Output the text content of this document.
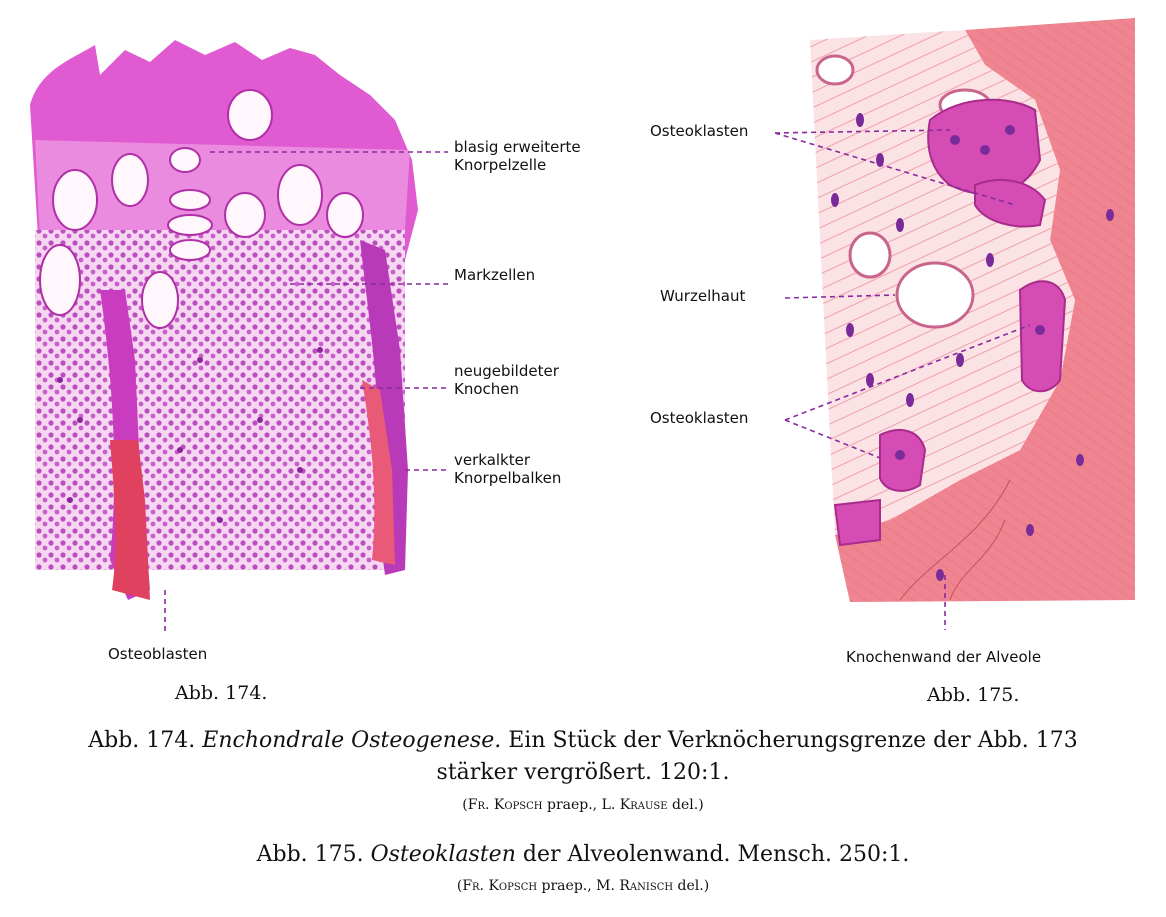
blasig erweiterte
Knorpelzelle
Markzellen
neugebildeter
Knochen
verkalkter
Knorpelbalken
Osteoblasten
Abb. 174.
Osteoklasten
Wurzelhaut
Osteoklasten
Knochenwand der Alveole
Abb. 175.
Abb. 174. Enchondrale Osteogenese. Ein Stück der Verknöcherungsgrenze der Abb. 173
stärker vergrößert. 120:1.
(Fr. Kopsch praep., L. Krause del.)
Abb. 175. Osteoklasten der Alveolenwand. Mensch. 250:1.
(Fr. Kopsch praep., M. Ranisch del.)
